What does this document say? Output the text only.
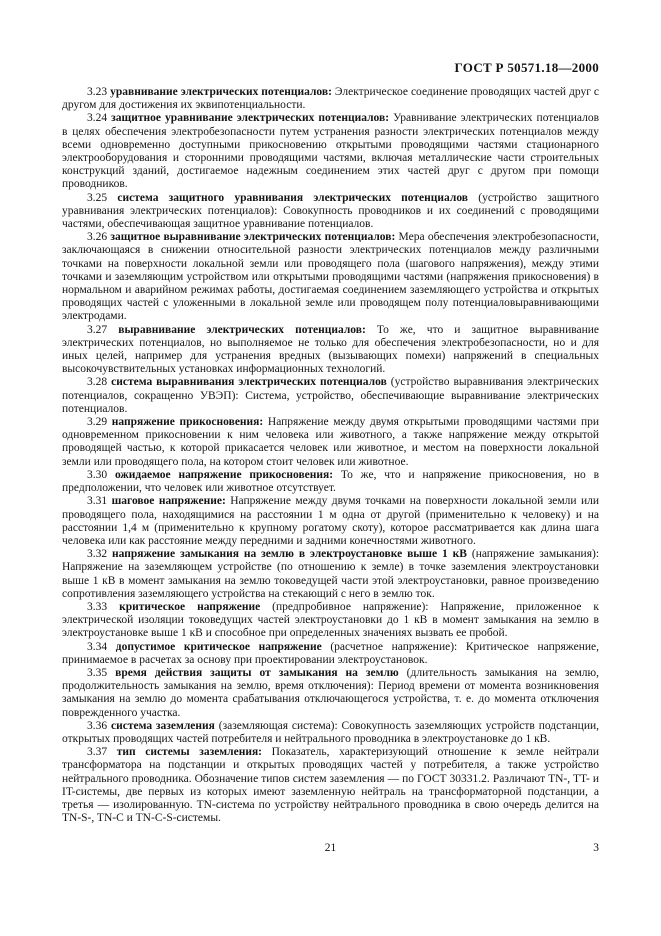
ГОСТ Р 50571.18—2000

3.23 уравнивание электрических потенциалов: Электрическое соединение проводящих частей друг с другом для достижения их эквипотенциальности.

3.24 защитное уравнивание электрических потенциалов: Уравнивание электрических потенциалов в целях обеспечения электробезопасности путем устранения разности электрических потенциалов между всеми одновременно доступными прикосновению открытыми проводящими частями стационарного электрооборудования и сторонними проводящими частями, включая металлические части строительных конструкций зданий, достигаемое надежным соединением этих частей друг с другом при помощи проводников.

3.25 система защитного уравнивания электрических потенциалов (устройство защитного уравнивания электрических потенциалов): Совокупность проводников и их соединений с проводящими частями, обеспечивающая защитное уравнивание потенциалов.

3.26 защитное выравнивание электрических потенциалов: Мера обеспечения электробезопасности, заключающаяся в снижении относительной разности электрических потенциалов между различными точками на поверхности локальной земли или проводящего пола (шагового напряжения), между этими точками и заземляющим устройством или открытыми проводящими частями (напряжения прикосновения) в нормальном и аварийном режимах работы, достигаемая соединением заземляющего устройства и открытых проводящих частей с уложенными в локальной земле или проводящем полу потенциаловыравнивающими электродами.

3.27 выравнивание электрических потенциалов: То же, что и защитное выравнивание электрических потенциалов, но выполняемое не только для обеспечения электробезопасности, но и для иных целей, например для устранения вредных (вызывающих помехи) напряжений в специальных высокочувствительных установках информационных технологий.

3.28 система выравнивания электрических потенциалов (устройство выравнивания электрических потенциалов, сокращенно УВЭП): Система, устройство, обеспечивающие выравнивание электрических потенциалов.

3.29 напряжение прикосновения: Напряжение между двумя открытыми проводящими частями при одновременном прикосновении к ним человека или животного, а также напряжение между открытой проводящей частью, к которой прикасается человек или животное, и местом на поверхности локальной земли или проводящего пола, на котором стоит человек или животное.

3.30 ожидаемое напряжение прикосновения: То же, что и напряжение прикосновения, но в предположении, что человек или животное отсутствует.

3.31 шаговое напряжение: Напряжение между двумя точками на поверхности локальной земли или проводящего пола, находящимися на расстоянии 1 м одна от другой (применительно к человеку) и на расстоянии 1,4 м (применительно к крупному рогатому скоту), которое рассматривается как длина шага человека или как расстояние между передними и задними конечностями животного.

3.32 напряжение замыкания на землю в электроустановке выше 1 кВ (напряжение замыкания): Напряжение на заземляющем устройстве (по отношению к земле) в точке заземления электроустановки выше 1 кВ в момент замыкания на землю токоведущей части этой электроустановки, равное произведению сопротивления заземляющего устройства на стекающий с него в землю ток.

3.33 критическое напряжение (предпробивное напряжение): Напряжение, приложенное к электрической изоляции токоведущих частей электроустановки до 1 кВ в момент замыкания на землю в электроустановке выше 1 кВ и способное при определенных значениях вызвать ее пробой.

3.34 допустимое критическое напряжение (расчетное напряжение): Критическое напряжение, принимаемое в расчетах за основу при проектировании электроустановок.

3.35 время действия защиты от замыкания на землю (длительность замыкания на землю, продолжительность замыкания на землю, время отключения): Период времени от момента возникновения замыкания на землю до момента срабатывания отключающегося устройства, т. е. до момента отключения поврежденного участка.

3.36 система заземления (заземляющая система): Совокупность заземляющих устройств подстанции, открытых проводящих частей потребителя и нейтрального проводника в электроустановке до 1 кВ.

3.37 тип системы заземления: Показатель, характеризующий отношение к земле нейтрали трансформатора на подстанции и открытых проводящих частей у потребителя, а также устройство нейтрального проводника. Обозначение типов систем заземления — по ГОСТ 30331.2. Различают TN-, TT- и IT-системы, две первых из которых имеют заземленную нейтраль на трансформаторной подстанции, а третья — изолированную. TN-система по устройству нейтрального проводника в свою очередь делится на TN-S-, TN-C и TN-C-S-системы.

21	3
